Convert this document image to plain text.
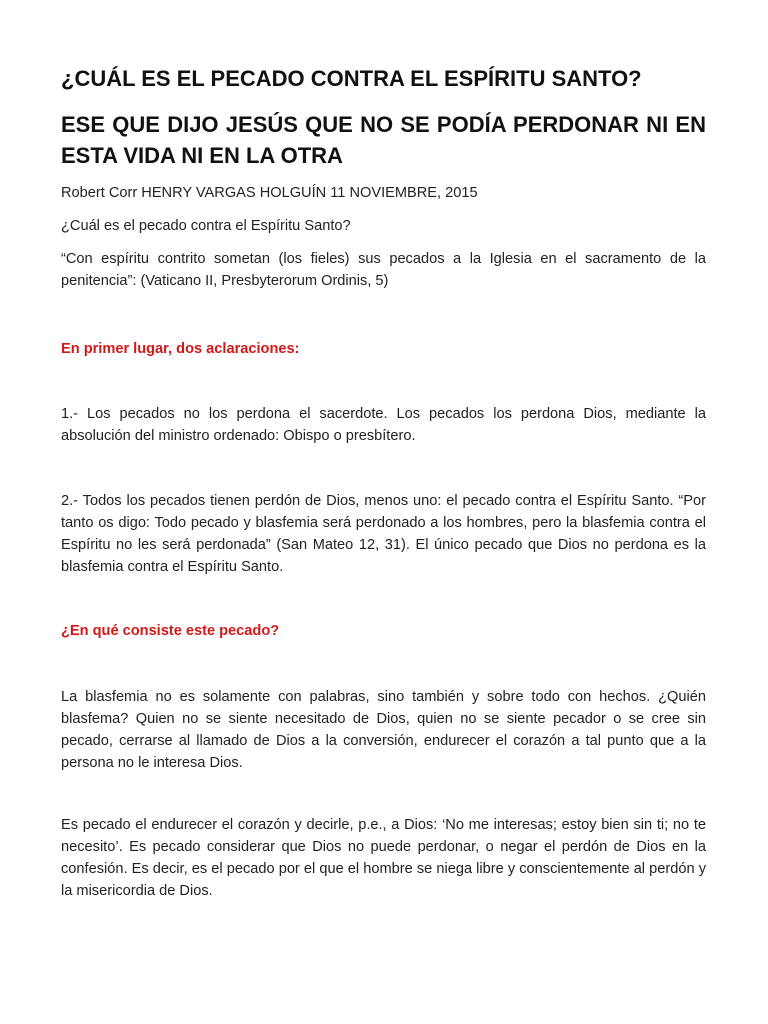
¿CUÁL ES EL PECADO CONTRA EL ESPÍRITU SANTO?
ESE QUE DIJO JESÚS QUE NO SE PODÍA PERDONAR NI EN ESTA VIDA NI EN LA OTRA

Robert Corr HENRY VARGAS HOLGUÍN 11 NOVIEMBRE, 2015

¿Cuál es el pecado contra el Espíritu Santo?

“Con espíritu contrito sometan (los fieles) sus pecados a la Iglesia en el sacramento de la penitencia”: (Vaticano II, Presbyterorum Ordinis, 5)

En primer lugar, dos aclaraciones:

1.- Los pecados no los perdona el sacerdote. Los pecados los perdona Dios, mediante la absolución del ministro ordenado: Obispo o presbítero.

2.- Todos los pecados tienen perdón de Dios, menos uno: el pecado contra el Espíritu Santo. “Por tanto os digo: Todo pecado y blasfemia será perdonado a los hombres, pero la blasfemia contra el Espíritu no les será perdonada” (San Mateo 12, 31). El único pecado que Dios no perdona es la blasfemia contra el Espíritu Santo.

¿En qué consiste este pecado?

La blasfemia no es solamente con palabras, sino también y sobre todo con hechos. ¿Quién blasfema? Quien no se siente necesitado de Dios, quien no se siente pecador o se cree sin pecado, cerrarse al llamado de Dios a la conversión, endurecer el corazón a tal punto que a la persona no le interesa Dios.

Es pecado el endurecer el corazón y decirle, p.e., a Dios: ‘No me interesas; estoy bien sin ti; no te necesito’. Es pecado considerar que Dios no puede perdonar, o negar el perdón de Dios en la confesión. Es decir, es el pecado por el que el hombre se niega libre y conscientemente al perdón y la misericordia de Dios.
